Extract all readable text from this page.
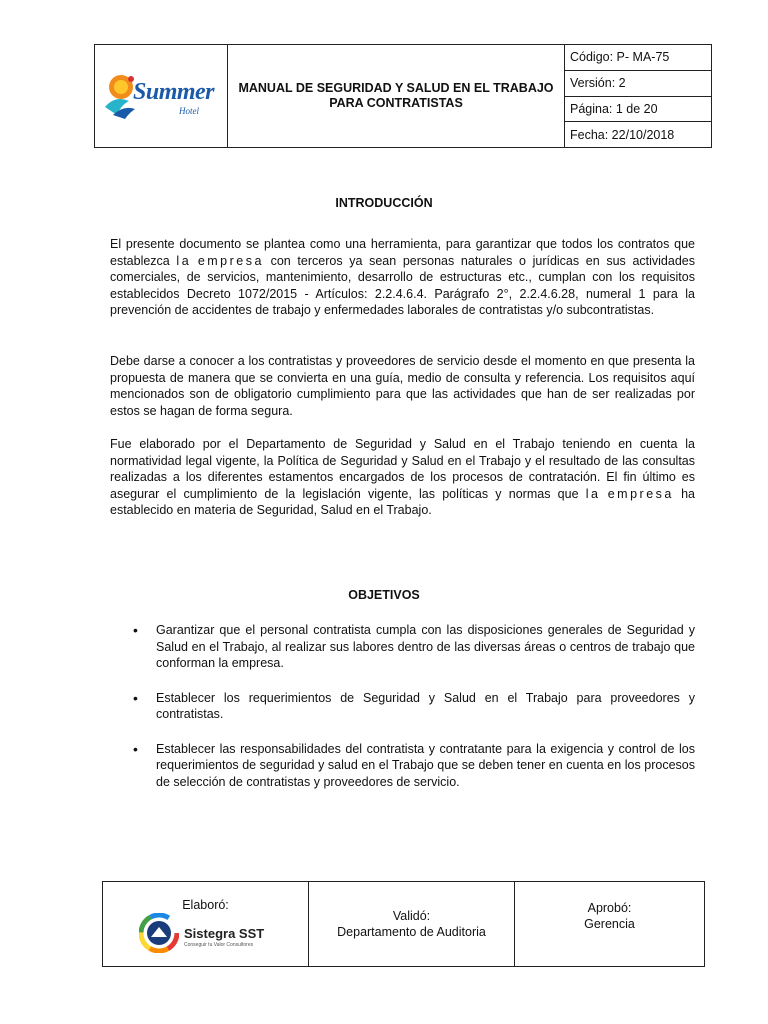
Summer
Hotel
MANUAL DE SEGURIDAD Y SALUD EN EL TRABAJO
PARA CONTRATISTAS
Código: P- MA-75
Versión: 2
Página: 1 de 20
Fecha: 22/10/2018
INTRODUCCIÓN
El presente documento se plantea como una herramienta, para garantizar que todos los contratos que establezca la empresa con terceros ya sean personas naturales o jurídicas en sus actividades comerciales, de servicios, mantenimiento, desarrollo de estructuras etc., cumplan con los requisitos establecidos Decreto 1072/2015 - Artículos: 2.2.4.6.4. Parágrafo 2°, 2.2.4.6.28, numeral 1 para la prevención de accidentes de trabajo y enfermedades laborales de contratistas y/o subcontratistas.
Debe darse a conocer a los contratistas y proveedores de servicio desde el momento en que presenta la propuesta de manera que se convierta en una guía, medio de consulta y referencia. Los requisitos aquí mencionados son de obligatorio cumplimiento para que las actividades que han de ser realizadas por estos se hagan de forma segura.
Fue elaborado por el Departamento de Seguridad y Salud en el Trabajo teniendo en cuenta la normatividad legal vigente, la Política de Seguridad y Salud en el Trabajo y el resultado de las consultas realizadas a los diferentes estamentos encargados de los procesos de contratación. El fin último es asegurar el cumplimiento de la legislación vigente, las políticas y normas que la empresa ha establecido en materia de Seguridad, Salud en el Trabajo.
OBJETIVOS
• Garantizar que el personal contratista cumpla con las disposiciones generales de Seguridad y Salud en el Trabajo, al realizar sus labores dentro de las diversas áreas o centros de trabajo que conforman la empresa.
• Establecer los requerimientos de Seguridad y Salud en el Trabajo para proveedores y contratistas.
• Establecer las responsabilidades del contratista y contratante para la exigencia y control de los requerimientos de seguridad y salud en el Trabajo que se deben tener en cuenta en los procesos de selección de contratistas y proveedores de servicio.
Elaboró:
Sistegra SST
Conseguir tu Valor Consultores
Validó:
Departamento de Auditoria
Aprobó:
Gerencia
